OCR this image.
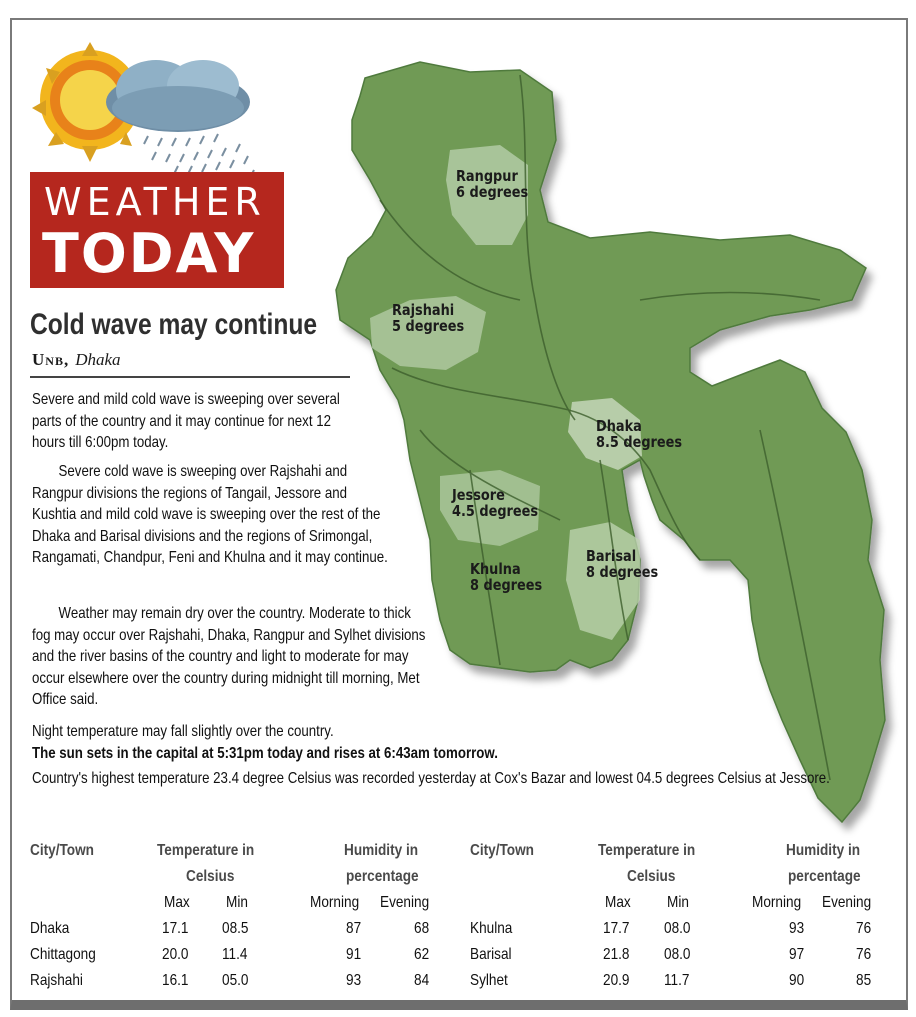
Rangpur
6 degrees
Rajshahi
5 degrees
Dhaka
8.5 degrees
Jessore
4.5 degrees
Khulna
8 degrees
Barisal
8 degrees
WEATHER
TODAY
Cold wave may continue
Unb, Dhaka
Severe and mild cold wave is sweeping over several parts of the country and it may continue for next 12 hours till 6:00pm today.
Severe cold wave is sweeping over Rajshahi and Rangpur divisions the regions of Tangail, Jessore and Kushtia and mild cold wave is sweeping over the rest of the Dhaka and Barisal divisions and the regions of Srimongal, Rangamati, Chandpur, Feni and Khulna and it may continue.
Weather may remain dry over the country. Moderate to thick fog may occur over Rajshahi, Dhaka, Rangpur and Sylhet divisions and the river basins of the country and light to moderate for may occur elsewhere over the country during midnight till morning, Met Office said.
Night temperature may fall slightly over the country.
The sun sets in the capital at 5:31pm today and rises at 6:43am tomorrow.
Country's highest temperature 23.4 degree Celsius was recorded yesterday at Cox's Bazar and lowest 04.5 degrees Celsius at Jessore.
City/Town	Temperature in
Celsius
Humidity in
percentage
Max Min	Morning Evening
City/Town	Temperature in
Celsius
Humidity in
percentage
Max Min	Morning Evening
Dhaka	17.1 08.5	87	68
Chittagong	20.0 11.4	91	62
Rajshahi	16.1 05.0	93	84
Khulna	17.7 08.0	93	76
Barisal	21.8 08.0	97	76
Sylhet	20.9 11.7	90	85
